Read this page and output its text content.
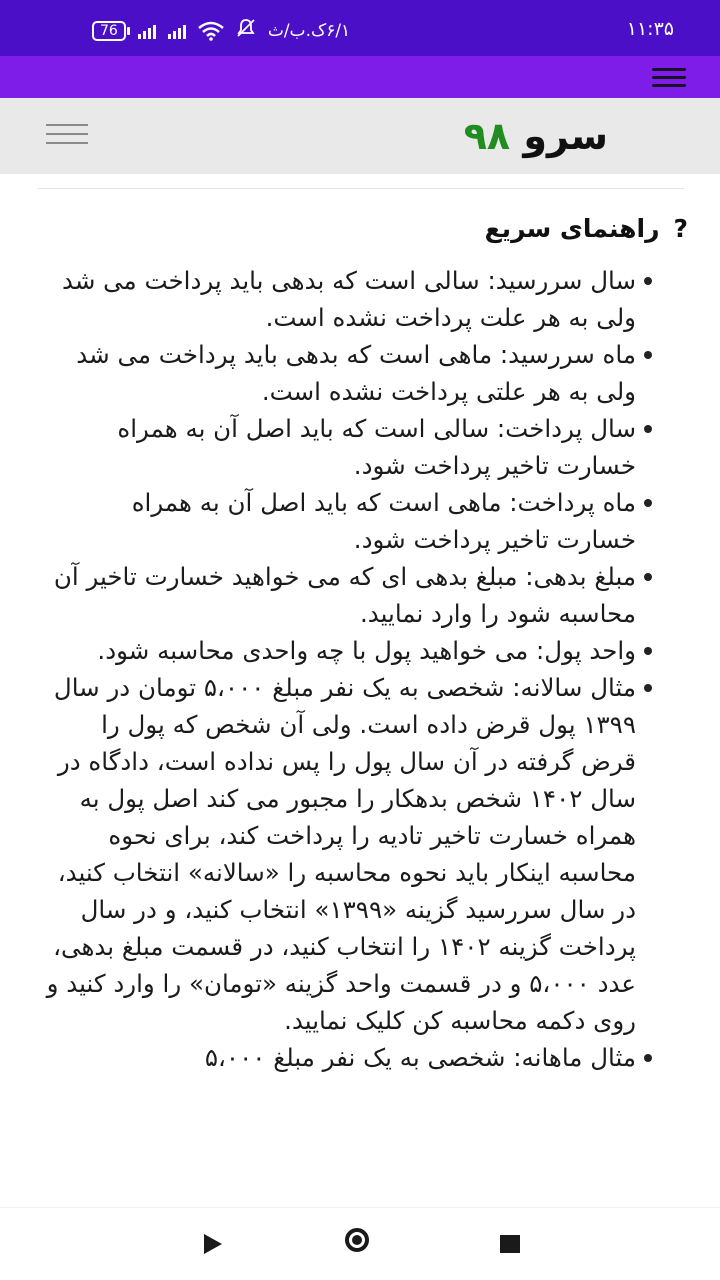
76	۶/۱ک.ب/ث	۱۱:۳۵
سرو ۹۸
?
راهنمای سریع
سال سررسید: سالی است که بدهی باید پرداخت می شد ولی به هر علت پرداخت نشده است.
ماه سررسید: ماهی است که بدهی باید پرداخت می شد ولی به هر علتی پرداخت نشده است.
سال پرداخت: سالی است که باید اصل آن به همراه خسارت تاخیر پرداخت شود.
ماه پرداخت: ماهی است که باید اصل آن به همراه خسارت تاخیر پرداخت شود.
مبلغ بدهی: مبلغ بدهی ای که می خواهید خسارت تاخیر آن محاسبه شود را وارد نمایید.
واحد پول: می خواهید پول با چه واحدی محاسبه شود.
مثال سالانه: شخصی به یک نفر مبلغ ۵،۰۰۰ تومان در سال ۱۳۹۹ پول قرض داده است. ولی آن شخص که پول را قرض گرفته در آن سال پول را پس نداده است، دادگاه در سال ۱۴۰۲ شخص بدهکار را مجبور می کند اصل پول به همراه خسارت تاخیر تادیه را پرداخت کند، برای نحوه محاسبه اینکار باید نحوه محاسبه را «سالانه» انتخاب کنید، در سال سررسید گزینه «۱۳۹۹» انتخاب کنید، و در سال پرداخت گزینه ۱۴۰۲ را انتخاب کنید، در قسمت مبلغ بدهی، عدد ۵،۰۰۰ و در قسمت واحد گزینه «تومان» را وارد کنید و روی دکمه محاسبه کن کلیک نمایید.
مثال ماهانه: شخصی به یک نفر مبلغ ۵،۰۰۰
